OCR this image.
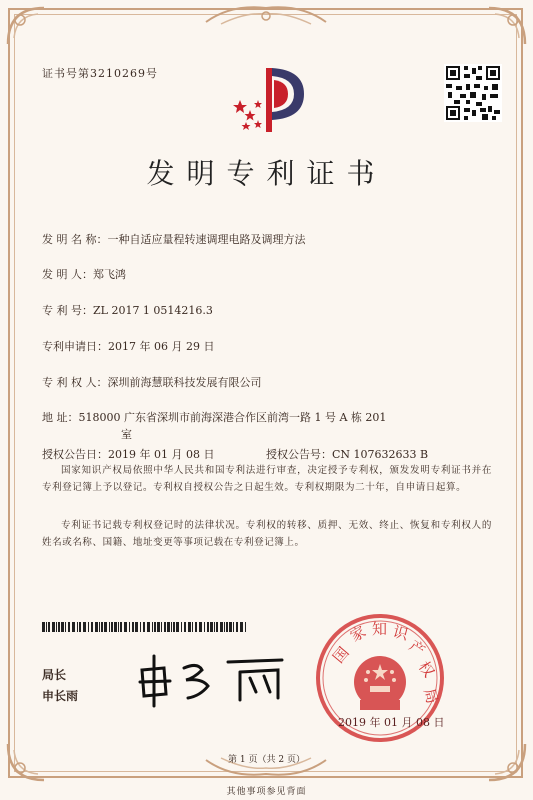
证书号第3210269号
发明专利证书
发 明 名 称：一种自适应量程转速调理电路及调理方法
发 明 人：郑飞鸿
专 利 号：ZL 2017 1 0514216.3
专利申请日：2017 年 06 月 29 日
专 利 权 人：深圳前海慧联科技发展有限公司
地 址：518000 广东省深圳市前海深港合作区前湾一路 1 号 A 栋 201
室
授权公告日：2019 年 01 月 08 日	授权公告号：CN 107632633 B
国家知识产权局依照中华人民共和国专利法进行审查，决定授予专利权，颁发发明专利证书并在专利登记簿上予以登记。专利权自授权公告之日起生效。专利权期限为二十年，自申请日起算。
专利证书记载专利权登记时的法律状况。专利权的转移、质押、无效、终止、恢复和专利权人的姓名或名称、国籍、地址变更等事项记载在专利登记簿上。
局长
申长雨
国
家 知 识
产
权
局
2019 年 01 月 08 日
第 1 页（共 2 页）
其他事项参见背面
